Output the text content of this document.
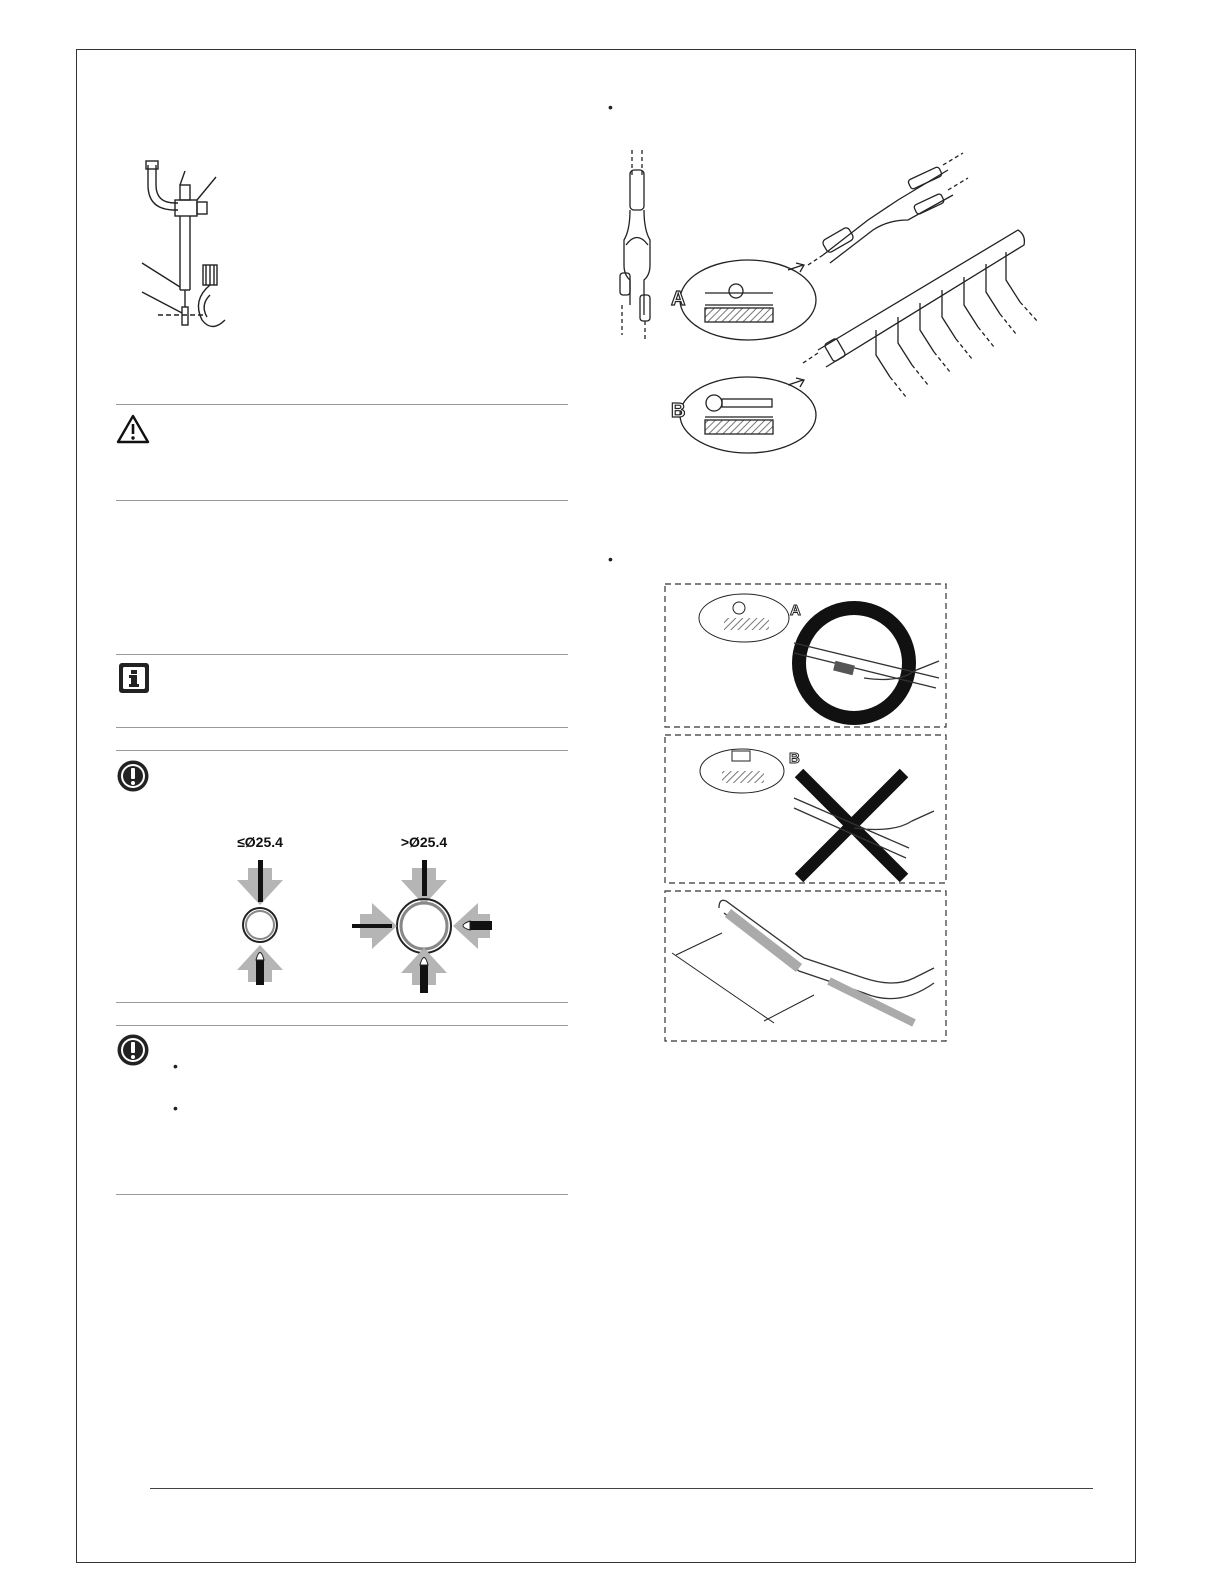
≤Ø25.4	>Ø25.4
•
•
•
A
B
•
A
B
